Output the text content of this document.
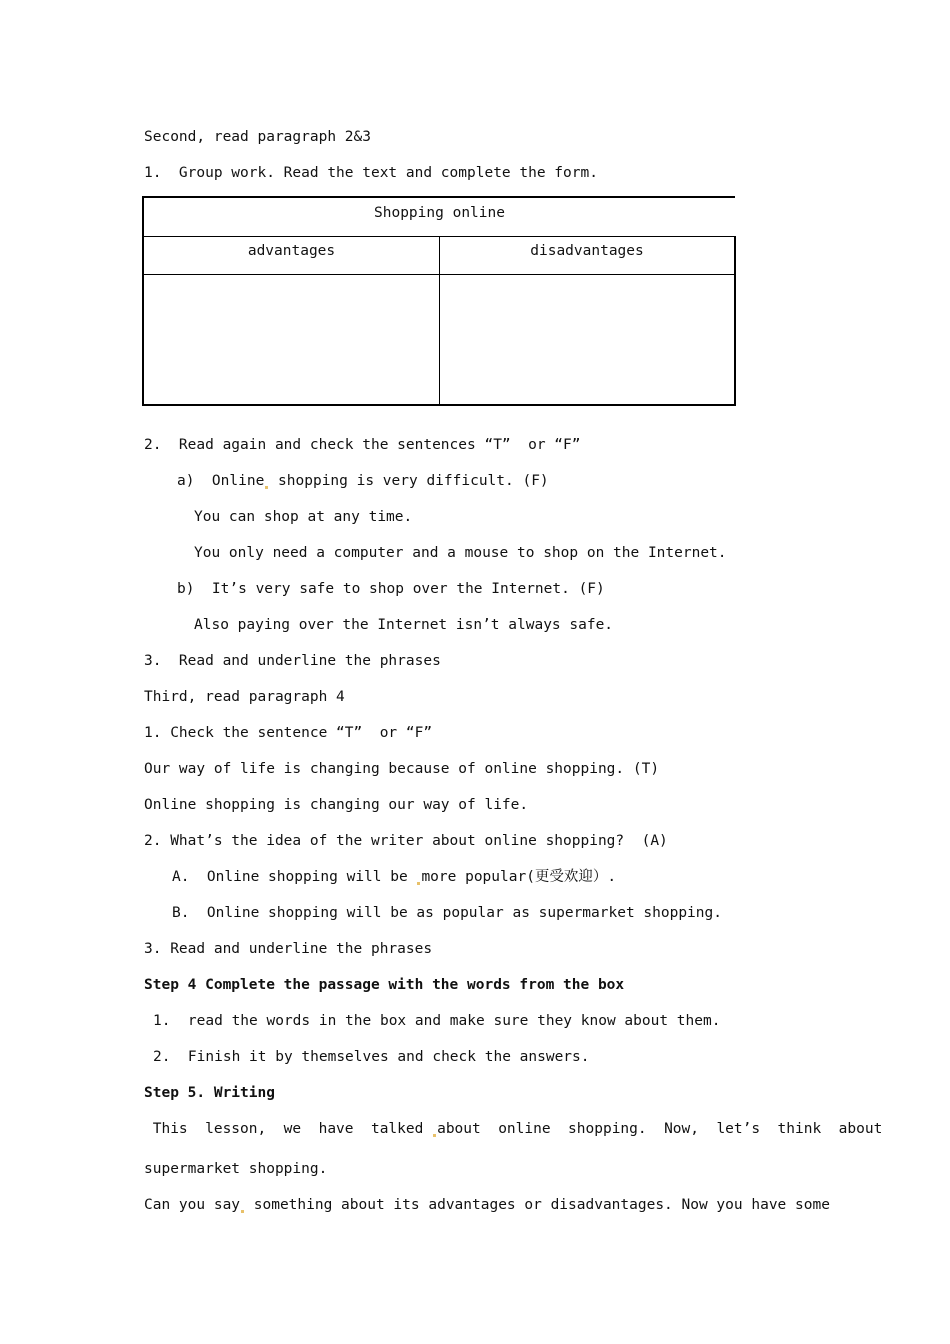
Second, read paragraph 2&3
1.  Group work. Read the text and complete the form.
Shopping online	
advantages	disadvantages

2.  Read again and check the sentences “T”  or “F”
a)  Online shopping is very difficult. (F)
You can shop at any time.
You only need a computer and a mouse to shop on the Internet.
b)  It’s very safe to shop over the Internet. (F)
Also paying over the Internet isn’t always safe.
3.  Read and underline the phrases
Third, read paragraph 4
1. Check the sentence “T”  or “F”
Our way of life is changing because of online shopping. (T)
Online shopping is changing our way of life.
2. What’s the idea of the writer about online shopping?  (A)
A.  Online shopping will be more popular(更受欢迎）.
B.  Online shopping will be as popular as supermarket shopping.
3. Read and underline the phrases
Step 4 Complete the passage with the words from the box
1.  read the words in the box and make sure they know about them.
2.  Finish it by themselves and check the answers.
Step 5. Writing
This  lesson,  we  have  talked about  online  shopping.  Now,  let’s  think  about
supermarket shopping.
Can you say something about its advantages or disadvantages. Now you have some
